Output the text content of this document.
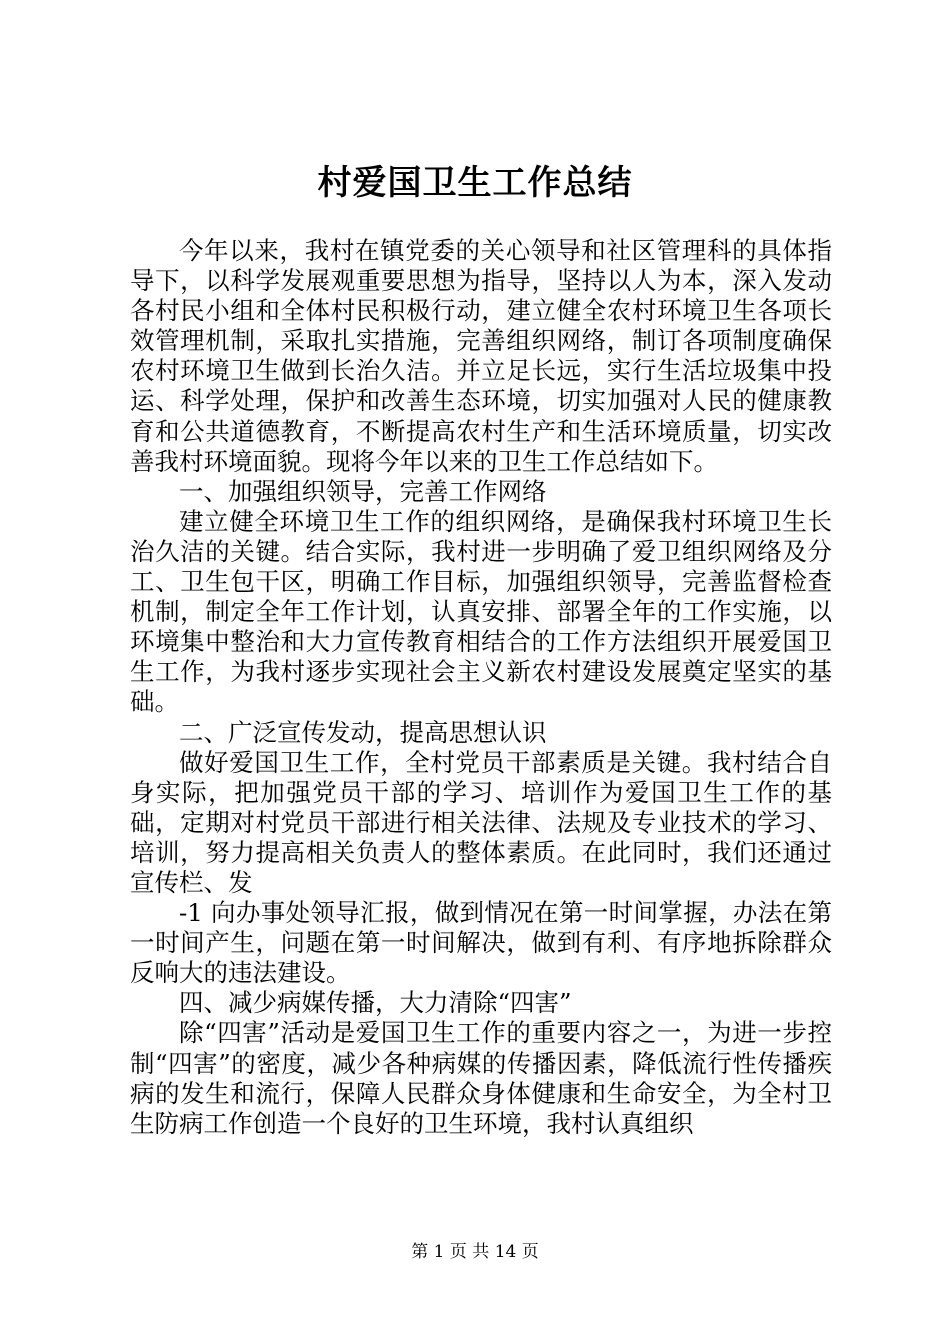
村爱国卫生工作总结

今年以来，我村在镇党委的关心领导和社区管理科的具体指导下，以科学发展观重要思想为指导，坚持以人为本，深入发动各村民小组和全体村民积极行动，建立健全农村环境卫生各项长效管理机制，采取扎实措施，完善组织网络，制订各项制度确保农村环境卫生做到长治久洁。并立足长远，实行生活垃圾集中投运、科学处理，保护和改善生态环境，切实加强对人民的健康教育和公共道德教育，不断提高农村生产和生活环境质量，切实改善我村环境面貌。现将今年以来的卫生工作总结如下。

一、加强组织领导，完善工作网络

建立健全环境卫生工作的组织网络，是确保我村环境卫生长治久洁的关键。结合实际，我村进一步明确了爱卫组织网络及分工、卫生包干区，明确工作目标，加强组织领导，完善监督检查机制，制定全年工作计划，认真安排、部署全年的工作实施，以环境集中整治和大力宣传教育相结合的工作方法组织开展爱国卫生工作，为我村逐步实现社会主义新农村建设发展奠定坚实的基础。

二、广泛宣传发动，提高思想认识

做好爱国卫生工作，全村党员干部素质是关键。我村结合自身实际，把加强党员干部的学习、培训作为爱国卫生工作的基础，定期对村党员干部进行相关法律、法规及专业技术的学习、培训，努力提高相关负责人的整体素质。在此同时，我们还通过宣传栏、发

-1 向办事处领导汇报，做到情况在第一时间掌握，办法在第一时间产生，问题在第一时间解决，做到有利、有序地拆除群众反响大的违法建设。

四、减少病媒传播，大力清除“四害”

除“四害”活动是爱国卫生工作的重要内容之一，为进一步控制“四害”的密度，减少各种病媒的传播因素，降低流行性传播疾病的发生和流行，保障人民群众身体健康和生命安全，为全村卫生防病工作创造一个良好的卫生环境，我村认真组织

第 1 页 共 14 页
